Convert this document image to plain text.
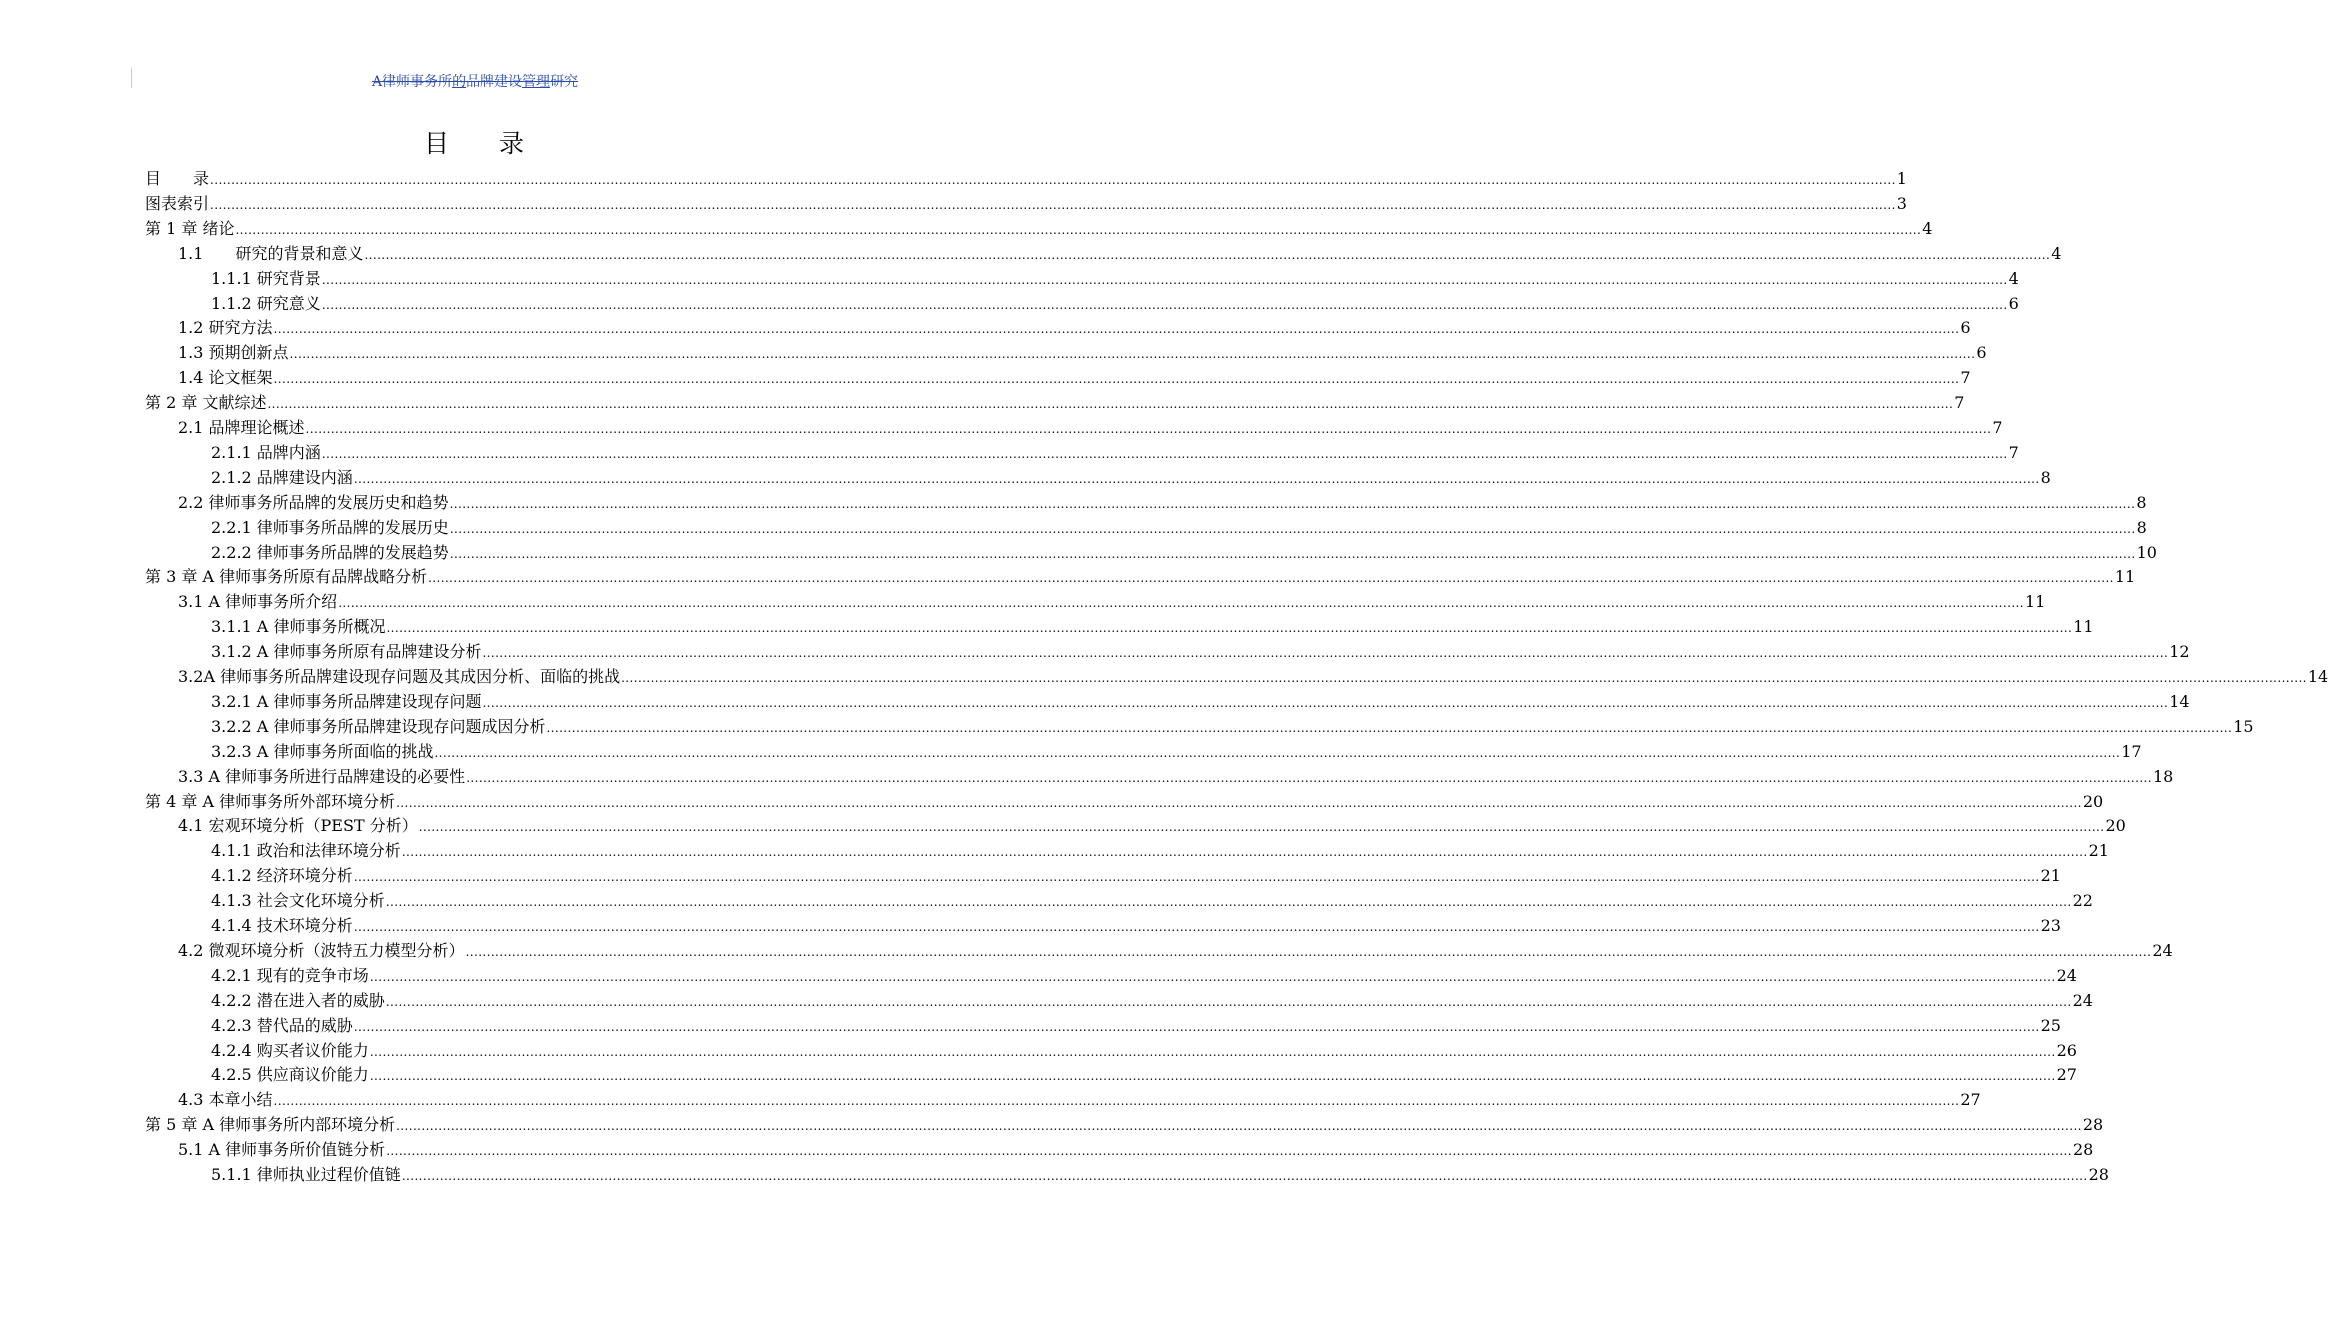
A律师事务所的品牌建设管理研究
目 录
目　　录 ................................................................................................................................................................................................................................................................................................................................................................................................................ 1
图表索引 ................................................................................................................................................................................................................................................................................................................................................................................................................ 3
第 1 章 绪论 ................................................................................................................................................................................................................................................................................................................................................................................................................ 4
1.1　　研究的背景和意义 ................................................................................................................................................................................................................................................................................................................................................................................................................ 4
1.1.1 研究背景 ................................................................................................................................................................................................................................................................................................................................................................................................................ 4
1.1.2 研究意义 ................................................................................................................................................................................................................................................................................................................................................................................................................ 6
1.2 研究方法 ................................................................................................................................................................................................................................................................................................................................................................................................................ 6
1.3 预期创新点 ................................................................................................................................................................................................................................................................................................................................................................................................................ 6
1.4 论文框架 ................................................................................................................................................................................................................................................................................................................................................................................................................ 7
第 2 章 文献综述 ................................................................................................................................................................................................................................................................................................................................................................................................................ 7
2.1 品牌理论概述 ................................................................................................................................................................................................................................................................................................................................................................................................................ 7
2.1.1 品牌内涵 ................................................................................................................................................................................................................................................................................................................................................................................................................ 7
2.1.2 品牌建设内涵 ................................................................................................................................................................................................................................................................................................................................................................................................................ 8
2.2 律师事务所品牌的发展历史和趋势 ................................................................................................................................................................................................................................................................................................................................................................................................................ 8
2.2.1 律师事务所品牌的发展历史 ................................................................................................................................................................................................................................................................................................................................................................................................................ 8
2.2.2 律师事务所品牌的发展趋势 ................................................................................................................................................................................................................................................................................................................................................................................................................ 10
第 3 章 A 律师事务所原有品牌战略分析 ................................................................................................................................................................................................................................................................................................................................................................................................................ 11
3.1 A 律师事务所介绍 ................................................................................................................................................................................................................................................................................................................................................................................................................ 11
3.1.1 A 律师事务所概况 ................................................................................................................................................................................................................................................................................................................................................................................................................ 11
3.1.2 A 律师事务所原有品牌建设分析 ................................................................................................................................................................................................................................................................................................................................................................................................................ 12
3.2A 律师事务所品牌建设现存问题及其成因分析、面临的挑战 ................................................................................................................................................................................................................................................................................................................................................................................................................ 14
3.2.1 A 律师事务所品牌建设现存问题 ................................................................................................................................................................................................................................................................................................................................................................................................................ 14
3.2.2 A 律师事务所品牌建设现存问题成因分析 ................................................................................................................................................................................................................................................................................................................................................................................................................ 15
3.2.3 A 律师事务所面临的挑战 ................................................................................................................................................................................................................................................................................................................................................................................................................ 17
3.3 A 律师事务所进行品牌建设的必要性 ................................................................................................................................................................................................................................................................................................................................................................................................................ 18
第 4 章 A 律师事务所外部环境分析 ................................................................................................................................................................................................................................................................................................................................................................................................................ 20
4.1 宏观环境分析（PEST 分析） ................................................................................................................................................................................................................................................................................................................................................................................................................ 20
4.1.1 政治和法律环境分析 ................................................................................................................................................................................................................................................................................................................................................................................................................ 21
4.1.2 经济环境分析 ................................................................................................................................................................................................................................................................................................................................................................................................................ 21
4.1.3 社会文化环境分析 ................................................................................................................................................................................................................................................................................................................................................................................................................ 22
4.1.4 技术环境分析 ................................................................................................................................................................................................................................................................................................................................................................................................................ 23
4.2 微观环境分析（波特五力模型分析） ................................................................................................................................................................................................................................................................................................................................................................................................................ 24
4.2.1 现有的竞争市场 ................................................................................................................................................................................................................................................................................................................................................................................................................ 24
4.2.2 潜在进入者的威胁 ................................................................................................................................................................................................................................................................................................................................................................................................................ 24
4.2.3 替代品的威胁 ................................................................................................................................................................................................................................................................................................................................................................................................................ 25
4.2.4 购买者议价能力 ................................................................................................................................................................................................................................................................................................................................................................................................................ 26
4.2.5 供应商议价能力 ................................................................................................................................................................................................................................................................................................................................................................................................................ 27
4.3 本章小结 ................................................................................................................................................................................................................................................................................................................................................................................................................ 27
第 5 章 A 律师事务所内部环境分析 ................................................................................................................................................................................................................................................................................................................................................................................................................ 28
5.1 A 律师事务所价值链分析 ................................................................................................................................................................................................................................................................................................................................................................................................................ 28
5.1.1 律师执业过程价值链 ................................................................................................................................................................................................................................................................................................................................................................................................................ 28
